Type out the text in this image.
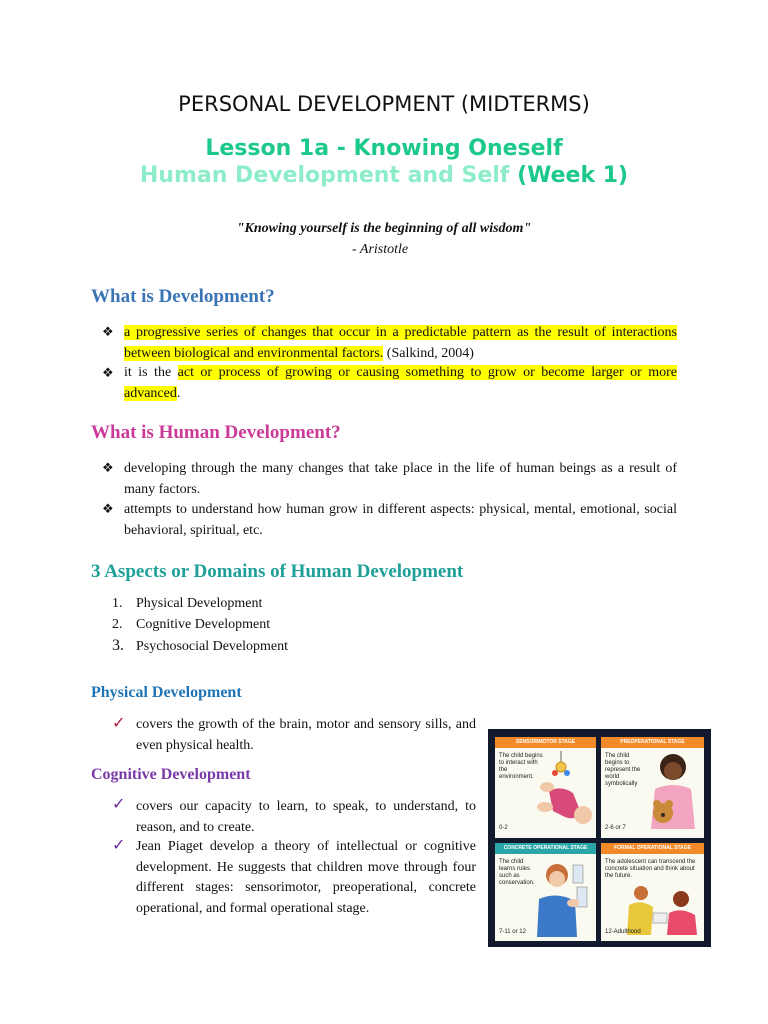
PERSONAL DEVELOPMENT (MIDTERMS)
Lesson 1a - Knowing Oneself
Human Development and Self (Week 1)
"Knowing yourself is the beginning of all wisdom"
- Aristotle
What is Development?
❖ a progressive series of changes that occur in a predictable pattern as the result of interactions between biological and environmental factors. (Salkind, 2004)
❖ it is the act or process of growing or causing something to grow or become larger or more advanced.
What is Human Development?
❖ developing through the many changes that take place in the life of human beings as a result of many factors.
❖ attempts to understand how human grow in different aspects: physical, mental, emotional, social behavioral, spiritual, etc.
3 Aspects or Domains of Human Development
1. Physical Development
2. Cognitive Development
3. Psychosocial Development
Physical Development
✓ covers the growth of the brain, motor and sensory sills, and even physical health.
Cognitive Development
✓ covers our capacity to learn, to speak, to understand, to reason, and to create.
✓ Jean Piaget develop a theory of intellectual or cognitive development. He suggests that children move through four different stages: sensorimotor, preoperational, concrete operational, and formal operational stage.
SENSORIMOTOR STAGE
The child begins to interact with the environment.
0-2
PREOPERATIONAL STAGE
The child begins to represent the world symbolically
2-6 or 7
CONCRETE OPERATIONAL STAGE
The child learns rules such as conservation.
7-11 or 12
FORMAL OPERATIONAL STAGE
The adolescent can transcend the concrete situation and think about the future.
12-Adulthood
